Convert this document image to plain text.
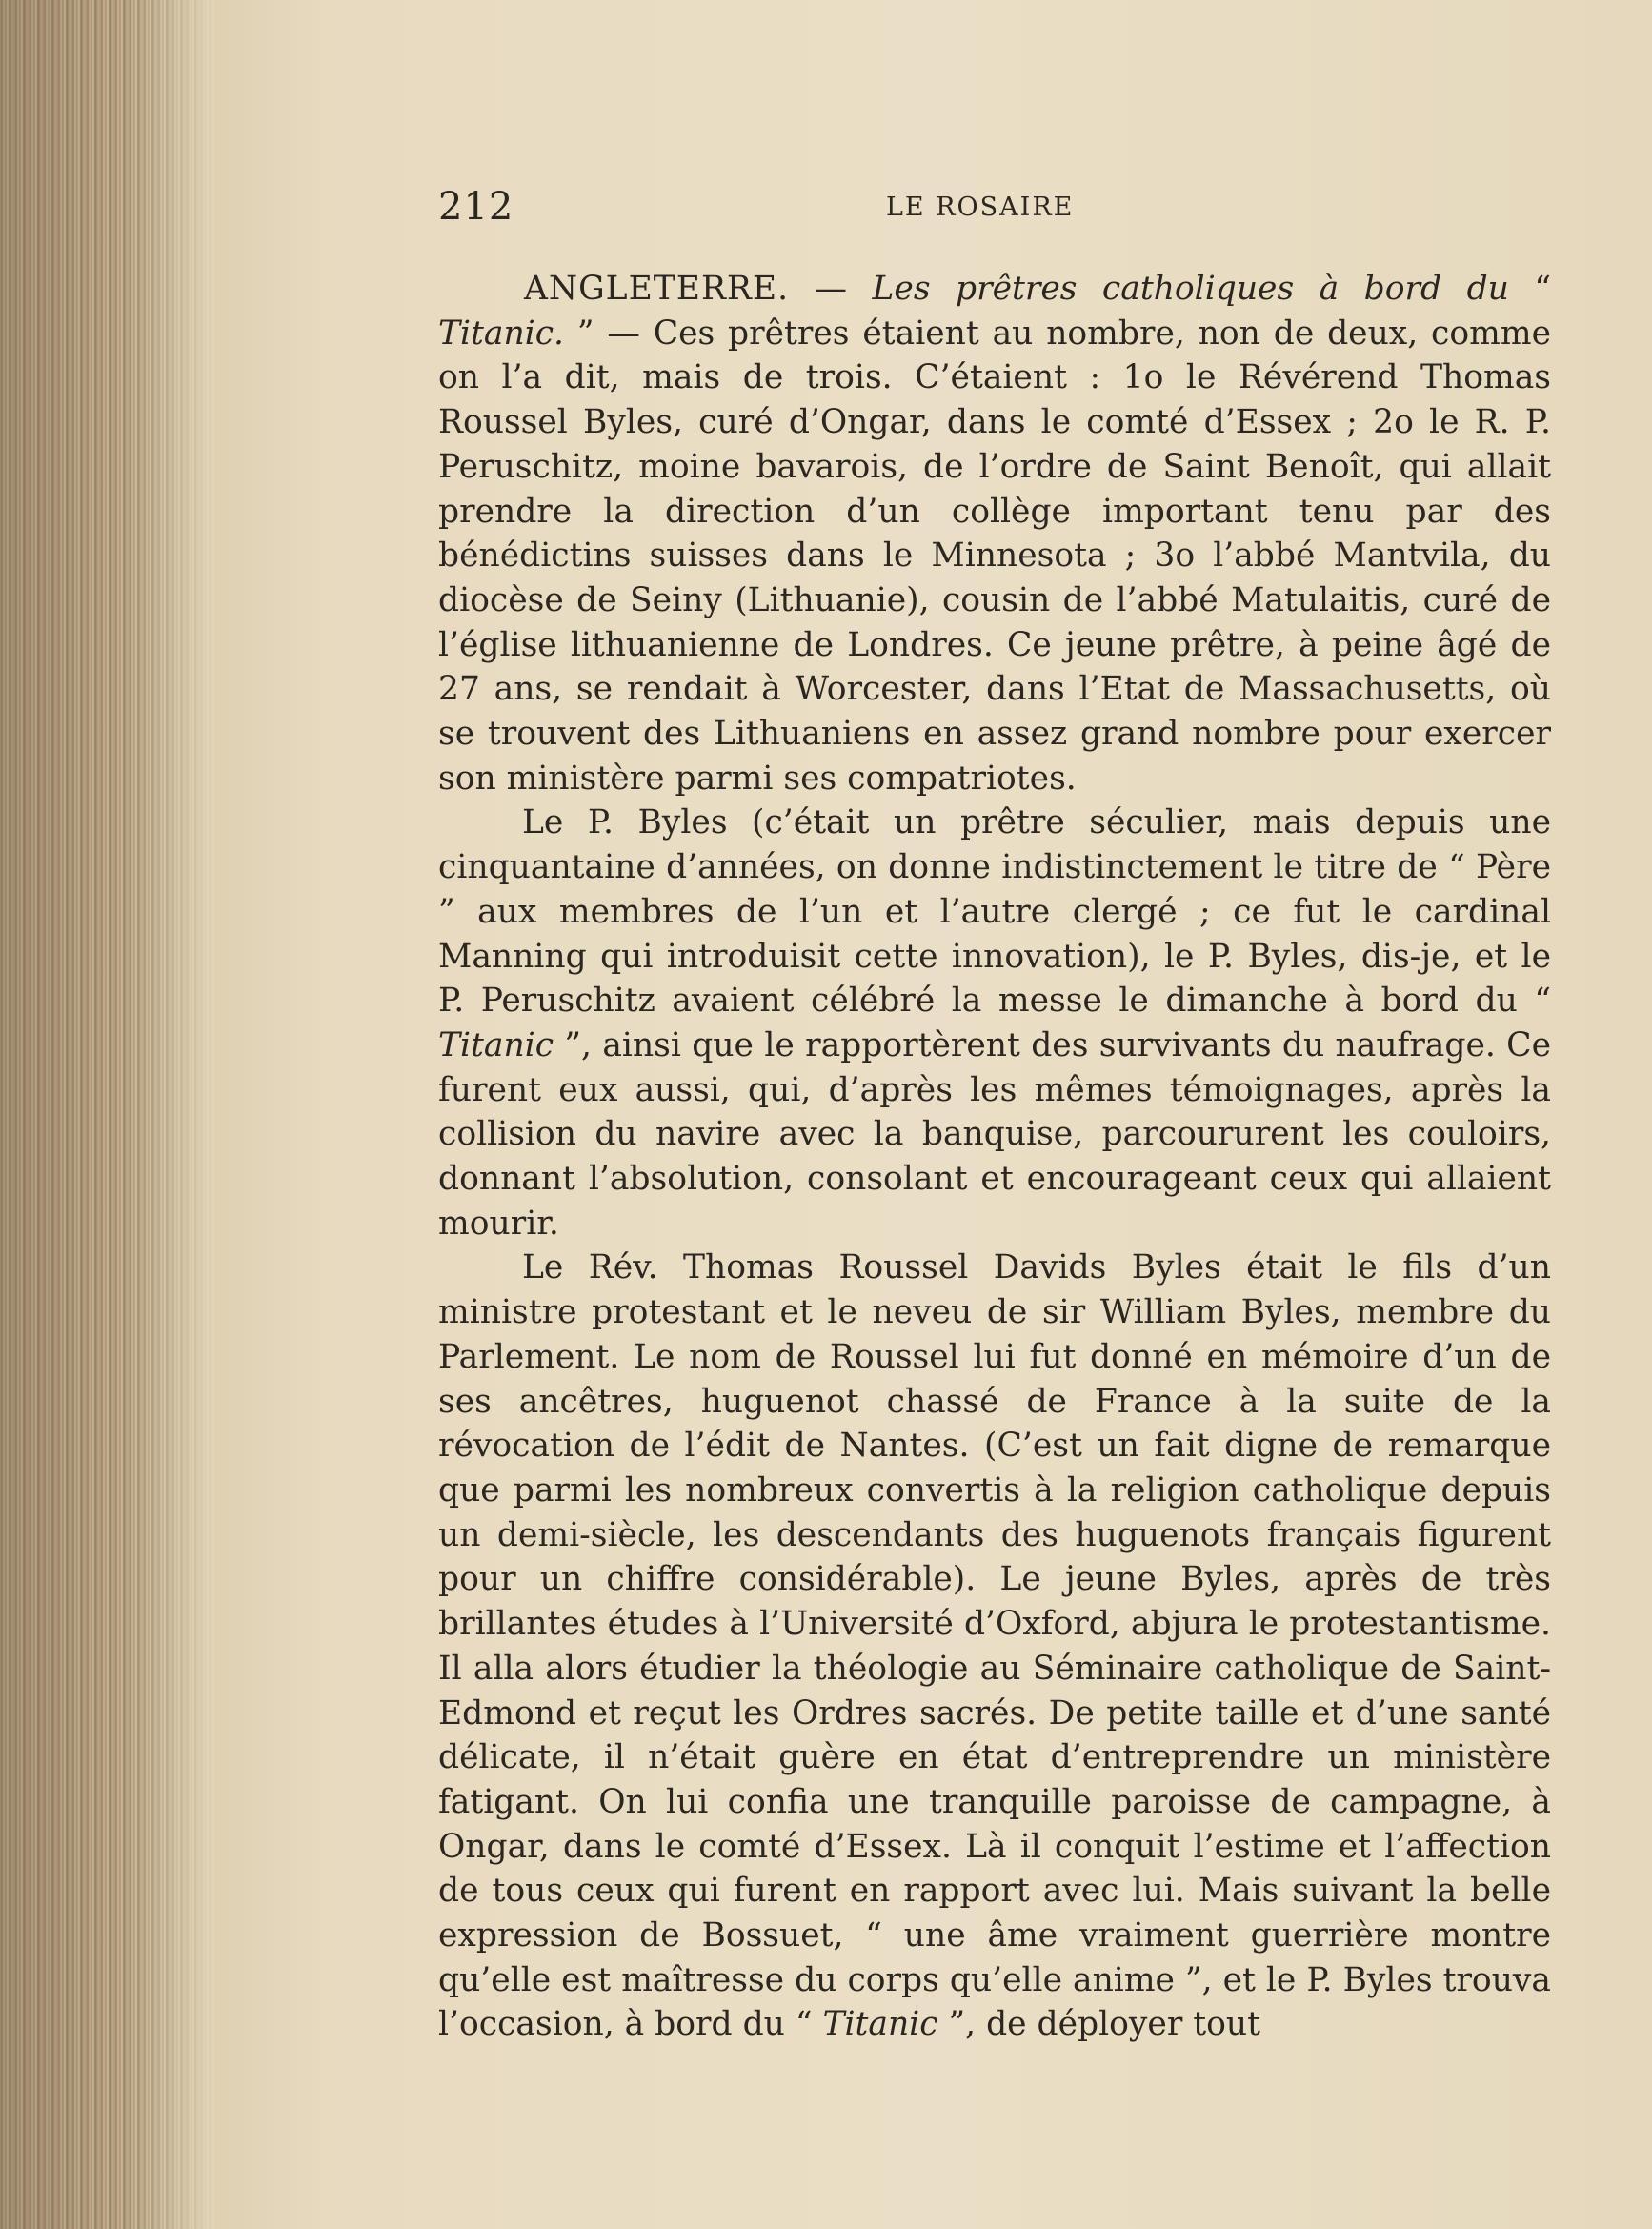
212	LE ROSAIRE

ANGLETERRE. — Les prêtres catholiques à bord du “ Titanic. ” — Ces prêtres étaient au nombre, non de deux, comme on l’a dit, mais de trois. C’étaient : 1o le Révérend Thomas Roussel Byles, curé d’Ongar, dans le comté d’Essex ; 2o le R. P. Peruschitz, moine bavarois, de l’ordre de Saint Benoît, qui allait prendre la direction d’un collège important tenu par des bénédictins suisses dans le Minnesota ; 3o l’abbé Mantvila, du diocèse de Seiny (Lithuanie), cousin de l’abbé Matulaitis, curé de l’église lithuanienne de Londres. Ce jeune prêtre, à peine âgé de 27 ans, se rendait à Worcester, dans l’Etat de Massachusetts, où se trouvent des Lithuaniens en assez grand nombre pour exercer son ministère parmi ses compatriotes.

Le P. Byles (c’était un prêtre séculier, mais depuis une cinquantaine d’années, on donne indistinctement le titre de “ Père ” aux membres de l’un et l’autre clergé ; ce fut le cardinal Manning qui introduisit cette innovation), le P. Byles, dis-je, et le P. Peruschitz avaient célébré la messe le dimanche à bord du “ Titanic ”, ainsi que le rapportèrent des survivants du naufrage. Ce furent eux aussi, qui, d’après les mêmes témoignages, après la collision du navire avec la banquise, parcoururent les couloirs, donnant l’absolution, consolant et encourageant ceux qui allaient mourir.

Le Rév. Thomas Roussel Davids Byles était le fils d’un ministre protestant et le neveu de sir William Byles, membre du Parlement. Le nom de Roussel lui fut donné en mémoire d’un de ses ancêtres, huguenot chassé de France à la suite de la révocation de l’édit de Nantes. (C’est un fait digne de remarque que parmi les nombreux convertis à la religion catholique depuis un demi-siècle, les descendants des huguenots français figurent pour un chiffre considérable). Le jeune Byles, après de très brillantes études à l’Université d’Oxford, abjura le protestantisme. Il alla alors étudier la théologie au Séminaire catholique de Saint-Edmond et reçut les Ordres sacrés. De petite taille et d’une santé délicate, il n’était guère en état d’entreprendre un ministère fatigant. On lui confia une tranquille paroisse de campagne, à Ongar, dans le comté d’Essex. Là il conquit l’estime et l’affection de tous ceux qui furent en rapport avec lui. Mais suivant la belle expression de Bossuet, “ une âme vraiment guerrière montre qu’elle est maîtresse du corps qu’elle anime ”, et le P. Byles trouva l’occasion, à bord du “ Titanic ”, de déployer tout
